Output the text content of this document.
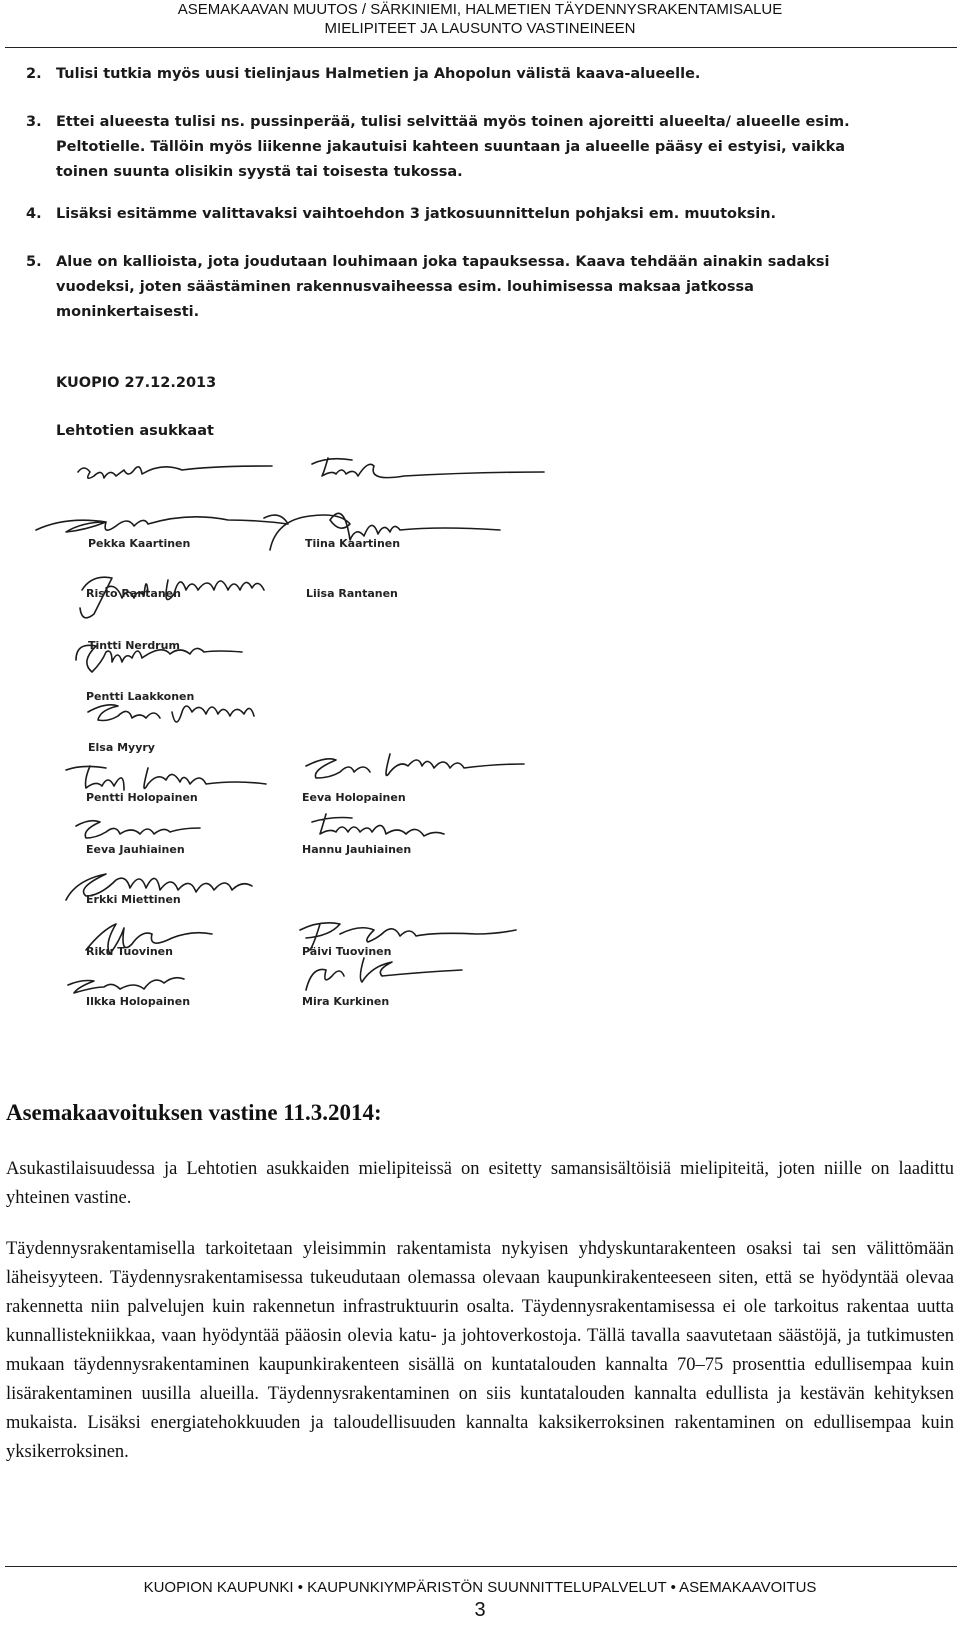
ASEMAKAAVAN MUUTOS / SÄRKINIEMI, HALMETIEN TÄYDENNYSRAKENTAMISALUE
MIELIPITEET JA LAUSUNTO VASTINEINEEN
2. Tulisi tutkia myös uusi tielinjaus Halmetien ja Ahopolun välistä kaava-alueelle.
3. Ettei alueesta tulisi ns. pussinperää, tulisi selvittää myös toinen ajoreitti alueelta/ alueelle esim. Peltotielle. Tällöin myös liikenne jakautuisi kahteen suuntaan ja alueelle pääsy ei estyisi, vaikka toinen suunta olisikin syystä tai toisesta tukossa.
4. Lisäksi esitämme valittavaksi vaihtoehdon 3 jatkosuunnittelun pohjaksi em. muutoksin.
5. Alue on kallioista, jota joudutaan louhimaan joka tapauksessa. Kaava tehdään ainakin sadaksi vuodeksi, joten säästäminen rakennusvaiheessa esim. louhimisessa maksaa jatkossa moninkertaisesti.
KUOPIO 27.12.2013
Lehtotien asukkaat
Pekka Kaartinen	Tiina Kaartinen
Risto Rantanen	Liisa Rantanen
Tintti Nerdrum
Pentti Laakkonen
Elsa Myyry
Pentti Holopainen	Eeva Holopainen
Eeva Jauhiainen	Hannu Jauhiainen
Erkki Miettinen
Riku Tuovinen	Päivi Tuovinen
Ilkka Holopainen	Mira Kurkinen
Asemakaavoituksen vastine 11.3.2014:

Asukastilaisuudessa ja Lehtotien asukkaiden mielipiteissä on esitetty samansisältöisiä mielipiteitä, joten niille on laadittu yhteinen vastine.

Täydennysrakentamisella tarkoitetaan yleisimmin rakentamista nykyisen yhdyskuntarakenteen osaksi tai sen välittömään läheisyyteen. Täydennysrakentamisessa tukeudutaan olemassa olevaan kaupunkirakenteeseen siten, että se hyödyntää olevaa rakennetta niin palvelujen kuin rakennetun infrastruktuurin osalta. Täydennysrakentamisessa ei ole tarkoitus rakentaa uutta kunnallistekniikkaa, vaan hyödyntää pääosin olevia katu- ja johtoverkostoja. Tällä tavalla saavutetaan säästöjä, ja tutkimusten mukaan täydennysrakentaminen kaupunkirakenteen sisällä on kuntatalouden kannalta 70–75 prosenttia edullisempaa kuin lisärakentaminen uusilla alueilla. Täydennysrakentaminen on siis kuntatalouden kannalta edullista ja kestävän kehityksen mukaista. Lisäksi energiatehokkuuden ja taloudellisuuden kannalta kaksikerroksinen rakentaminen on edullisempaa kuin yksikerroksinen.

KUOPION KAUPUNKI • KAUPUNKIYMPÄRISTÖN SUUNNITTELUPALVELUT • ASEMAKAAVOITUS
3
